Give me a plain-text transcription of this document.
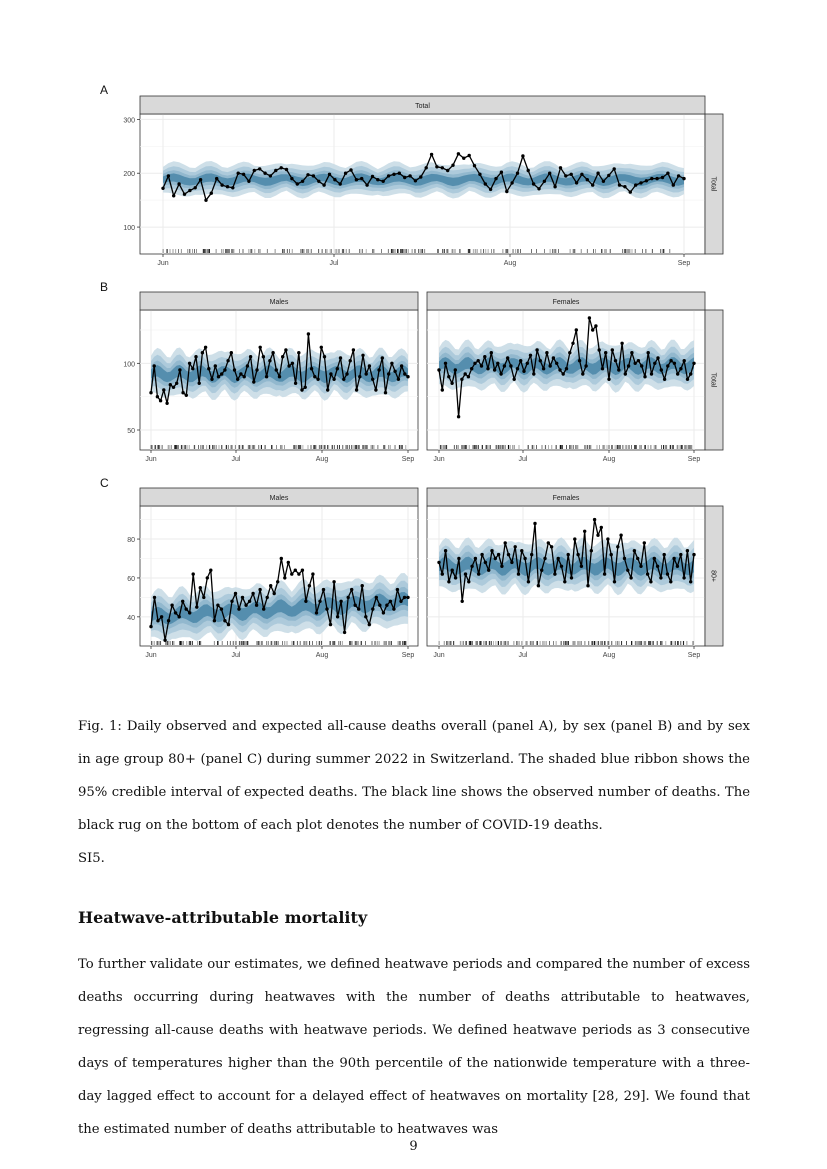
A
B
C
100
200
300
Jun	Jul	Aug	Sep
Total
Total
50
100
Jun	Jul	Aug	Sep
Males
Jun	Jul	Aug	Sep
Females
Total
40
60
80
Jun	Jul	Aug	Sep
Males
Jun	Jul	Aug	Sep
Females
80+

Fig. 1: Daily observed and expected all-cause deaths overall (panel A), by sex (panel B) and by sex in age group 80+ (panel C) during summer 2022 in Switzerland. The shaded blue ribbon shows the 95% credible interval of expected deaths. The black line shows the observed number of deaths. The black rug on the bottom of each plot denotes the number of COVID-19 deaths.

SI5.

Heatwave-attributable mortality

To further validate our estimates, we defined heatwave periods and compared the number of excess deaths occurring during heatwaves with the number of deaths attributable to heatwaves, regressing all-cause deaths with heatwave periods. We defined heatwave periods as 3 consecutive days of temperatures higher than the 90th percentile of the nationwide temperature with a three-day lagged effect to account for a delayed effect of heatwaves on mortality [28, 29]. We found that the estimated number of deaths attributable to heatwaves was

9
